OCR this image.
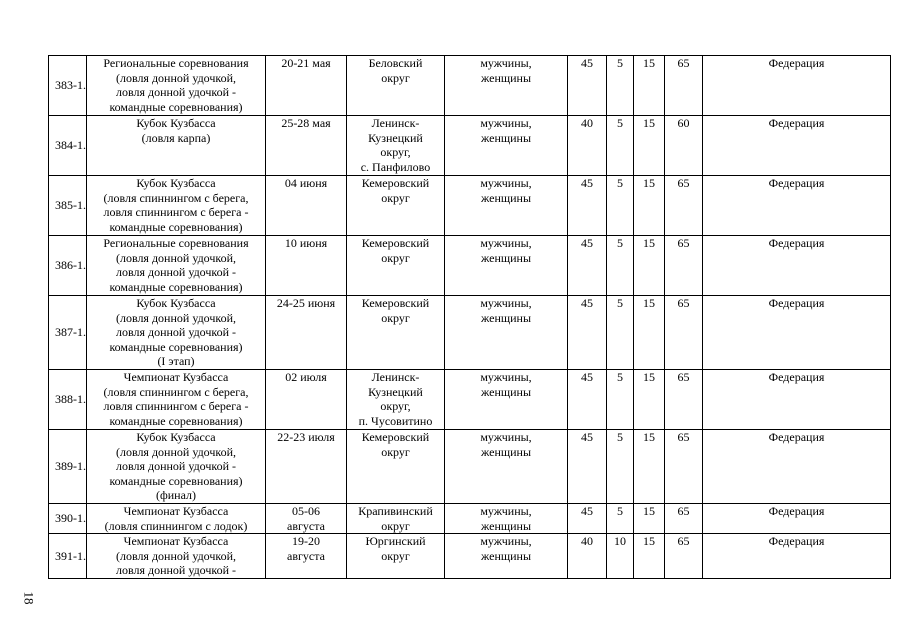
383-1.	Региональные соревнования
(ловля донной удочкой,
ловля донной удочкой -
командные соревнования)	20-21 мая	Беловский
округ	мужчины,
женщины	45	5	15	65	Федерация
384-1.	Кубок Кузбасса
(ловля карпа)	25-28 мая	Ленинск-
Кузнецкий
округ,
с. Панфилово	мужчины,
женщины	40	5	15	60	Федерация
385-1.	Кубок Кузбасса
(ловля спиннингом с берега,
ловля спиннингом с берега -
командные соревнования)	04 июня	Кемеровский
округ	мужчины,
женщины	45	5	15	65	Федерация
386-1.	Региональные соревнования
(ловля донной удочкой,
ловля донной удочкой -
командные соревнования)	10 июня	Кемеровский
округ	мужчины,
женщины	45	5	15	65	Федерация
387-1.	Кубок Кузбасса
(ловля донной удочкой,
ловля донной удочкой -
командные соревнования)
(I этап)	24-25 июня	Кемеровский
округ	мужчины,
женщины	45	5	15	65	Федерация
388-1.	Чемпионат Кузбасса
(ловля спиннингом с берега,
ловля спиннингом с берега -
командные соревнования)	02 июля	Ленинск-
Кузнецкий
округ,
п. Чусовитино	мужчины,
женщины	45	5	15	65	Федерация
389-1.	Кубок Кузбасса
(ловля донной удочкой,
ловля донной удочкой -
командные соревнования)
(финал)	22-23 июля	Кемеровский
округ	мужчины,
женщины	45	5	15	65	Федерация
390-1.	Чемпионат Кузбасса
(ловля спиннингом с лодок)	05-06
августа	Крапивинский
округ	мужчины,
женщины	45	5	15	65	Федерация
391-1.	Чемпионат Кузбасса
(ловля донной удочкой,
ловля донной удочкой -	19-20
августа	Юргинский
округ	мужчины,
женщины	40	10	15	65	Федерация
18
